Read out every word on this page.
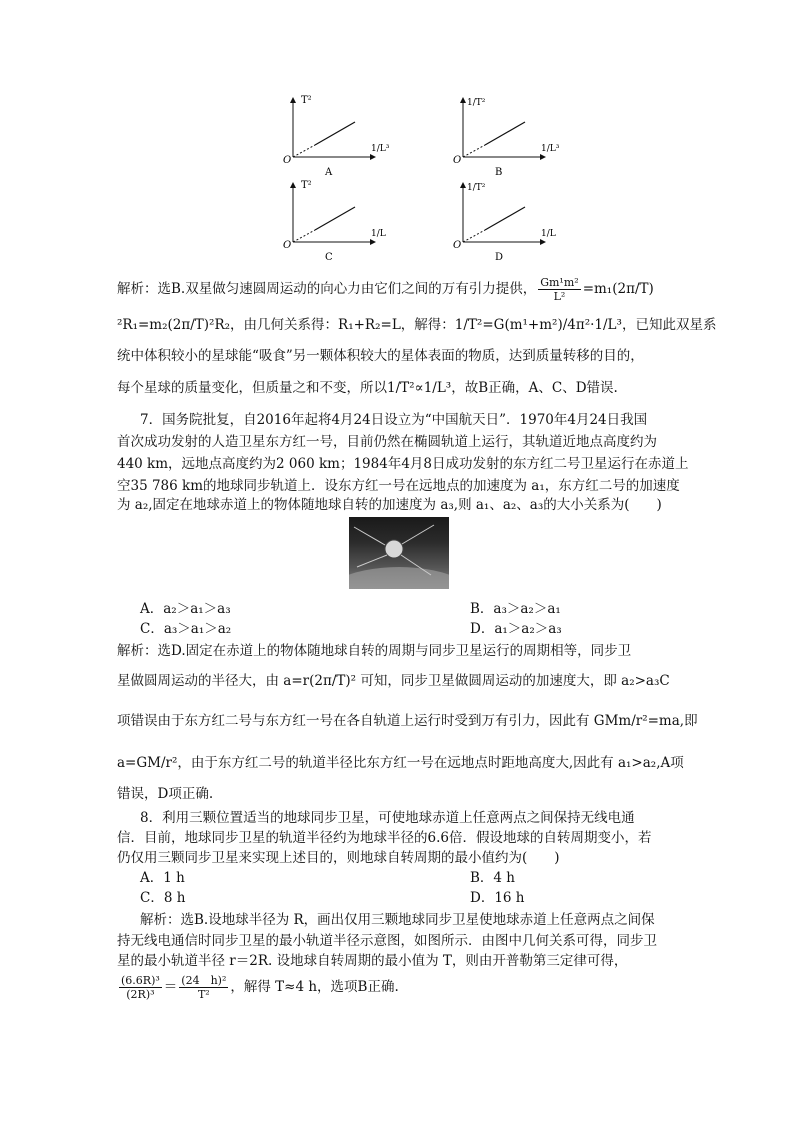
T²
1/L³
O
A
1/T²
1/L³
O
B
T²
1/L
O
C
1/T²
1/L
O
D
解析：选B.双星做匀速圆周运动的向心力由它们之间的万有引力提供， $\frac{\text{Gm¹m²}}{\text{L²}} =m_1(2\pi/T)$
²R₁=m₂(2π/T)²R₂，由几何关系得：R₁+R₂=L，解得：1/T²=G(m¹+m²)/4π²·1/L³，已知此双星系
统中体积较小的星球能“吸食”另一颗体积较大的星体表面的物质，达到质量转移的目的，
每个星球的质量变化，但质量之和不变，所以1/T²∝1/L³，故B正确，A、C、D错误.
7．国务院批复，自2016年起将4月24日设立为“中国航天日”．1970年4月24日我国
首次成功发射的人造卫星东方红一号，目前仍然在椭圆轨道上运行，其轨道近地点高度约为
440 km，远地点高度约为2 060 km；1984年4月8日成功发射的东方红二号卫星运行在赤道上
空35 786 km的地球同步轨道上．设东方红一号在远地点的加速度为 a₁，东方红二号的加速度
为 a₂,固定在地球赤道上的物体随地球自转的加速度为 a₃,则 a₁、a₂、a₃的大小关系为(　　)
A．a₂＞a₁＞a₃	B．a₃＞a₂＞a₁
C．a₃＞a₁＞a₂	D．a₁＞a₂＞a₃
解析：选D.固定在赤道上的物体随地球自转的周期与同步卫星运行的周期相等，同步卫
星做圆周运动的半径大，由 a=r(2π/T)² 可知，同步卫星做圆周运动的加速度大，即 a₂>a₃C
项错误由于东方红二号与东方红一号在各自轨道上运行时受到万有引力，因此有 GMm/r²=ma,即
a=GM/r²，由于东方红二号的轨道半径比东方红一号在远地点时距地高度大,因此有 a₁>a₂,A项
错误，D项正确.
8．利用三颗位置适当的地球同步卫星，可使地球赤道上任意两点之间保持无线电通
信．目前，地球同步卫星的轨道半径约为地球半径的6.6倍．假设地球的自转周期变小，若
仍仅用三颗同步卫星来实现上述目的，则地球自转周期的最小值约为(　　)
A．1 h	B．4 h
C．8 h	D．16 h
解析：选B.设地球半径为 R，画出仅用三颗地球同步卫星使地球赤道上任意两点之间保
持无线电通信时同步卫星的最小轨道半径示意图，如图所示．由图中几何关系可得，同步卫
星的最小轨道半径 r＝2R. 设地球自转周期的最小值为 T，则由开普勒第三定律可得，
$\frac{\text{(6.6R)³}}{\text{(2R)³}} = \frac{\text{(24　h)²}}{\text{T²}}$ ，解得 T≈4 h，选项B正确.
